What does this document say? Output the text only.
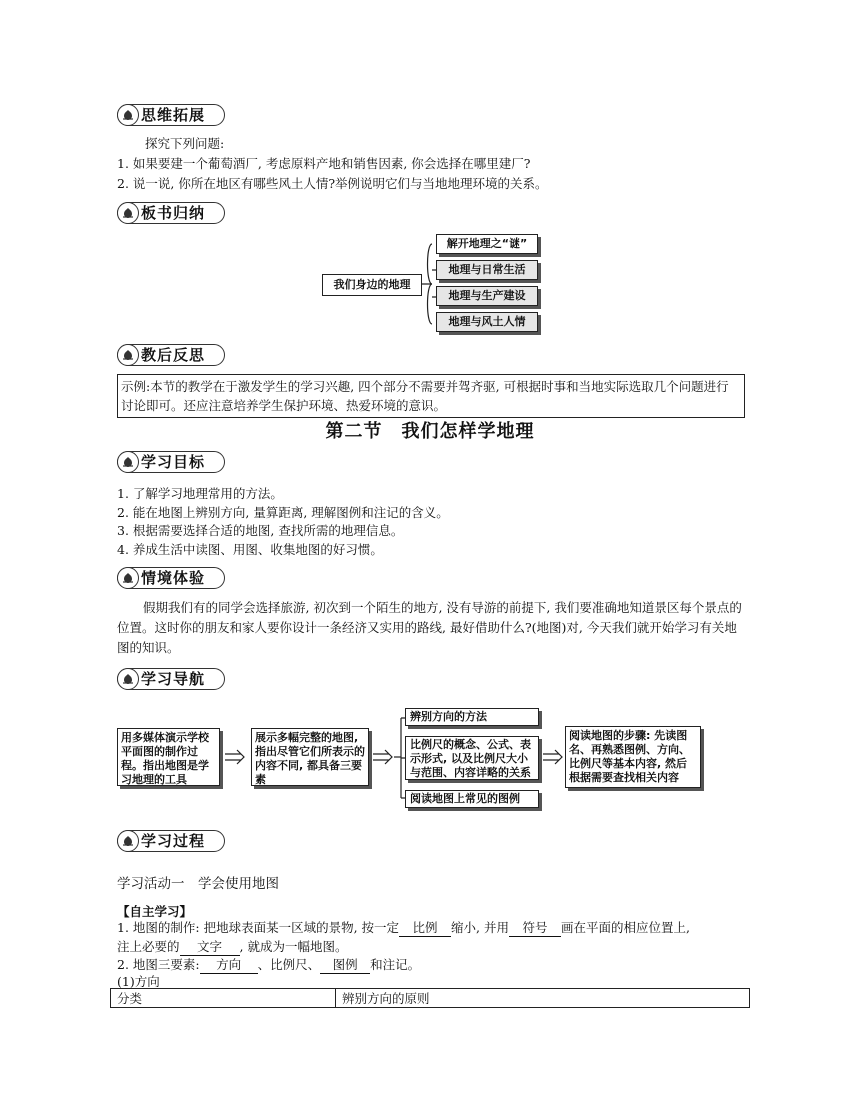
思维拓展
探究下列问题:
1. 如果要建一个葡萄酒厂, 考虑原料产地和销售因素, 你会选择在哪里建厂?
2. 说一说, 你所在地区有哪些风土人情?举例说明它们与当地地理环境的关系。
板书归纳
我们身边的地理
解开地理之“谜”
地理与日常生活
地理与生产建设
地理与风土人情
教后反思
示例:本节的教学在于激发学生的学习兴趣, 四个部分不需要并驾齐驱, 可根据时事和当地实际选取几个问题进行讨论即可。还应注意培养学生保护环境、热爱环境的意识。
第二节　我们怎样学地理
学习目标
1. 了解学习地理常用的方法。
2. 能在地图上辨别方向, 量算距离, 理解图例和注记的含义。
3. 根据需要选择合适的地图, 查找所需的地理信息。
4. 养成生活中读图、用图、收集地图的好习惯。
情境体验
假期我们有的同学会选择旅游, 初次到一个陌生的地方, 没有导游的前提下, 我们要准确地知道景区每个景点的位置。这时你的朋友和家人要你设计一条经济又实用的路线, 最好借助什么?(地图)对, 今天我们就开始学习有关地图的知识。
学习导航
用多媒体演示学校平面图的制作过程。指出地图是学习地理的工具
展示多幅完整的地图, 指出尽管它们所表示的内容不同, 都具备三要素
辨别方向的方法
比例尺的概念、公式、表示形式, 以及比例尺大小与范围、内容详略的关系
阅读地图上常见的图例
阅读地图的步骤: 先读图名、再熟悉图例、方向、比例尺等基本内容, 然后根据需要查找相关内容
学习过程
学习活动一　学会使用地图
【自主学习】
1. 地图的制作: 把地球表面某一区域的景物, 按一定 比例 缩小, 并用 符号 画在平面的相应位置上,
注上必要的 文字 , 就成为一幅地图。
2. 地图三要素: 方向 、比例尺、 图例 和注记。
(1)方向
分类	辨别方向的原则
